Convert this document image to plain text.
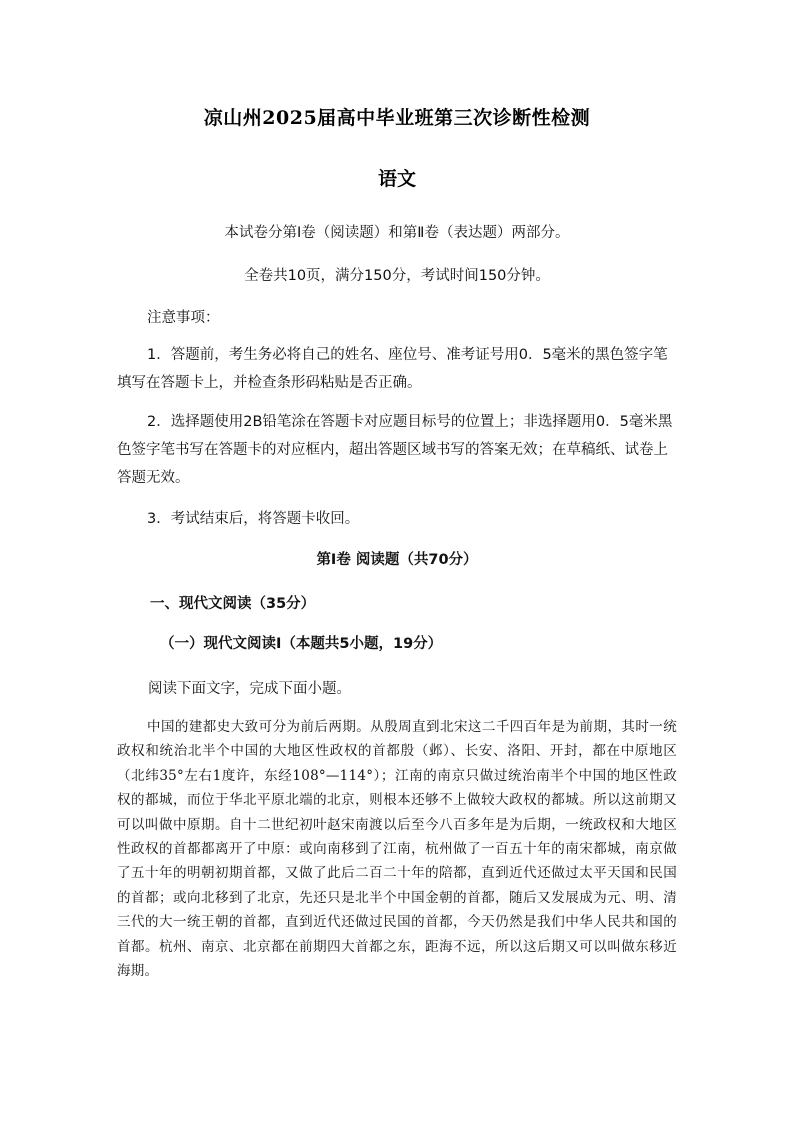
凉山州2025届高中毕业班第三次诊断性检测
语文
本试卷分第Ⅰ卷（阅读题）和第Ⅱ卷（表达题）两部分。
全卷共10页，满分150分，考试时间150分钟。
注意事项：
1．答题前，考生务必将自己的姓名、座位号、准考证号用0．5毫米的黑色签字笔填写在答题卡上，并检查条形码粘贴是否正确。
2．选择题使用2B铅笔涂在答题卡对应题目标号的位置上；非选择题用0．5毫米黑色签字笔书写在答题卡的对应框内，超出答题区域书写的答案无效；在草稿纸、试卷上答题无效。
3．考试结束后，将答题卡收回。
第Ⅰ卷 阅读题（共70分）
一、现代文阅读（35分）
（一）现代文阅读Ⅰ（本题共5小题，19分）
阅读下面文字，完成下面小题。
中国的建都史大致可分为前后两期。从殷周直到北宋这二千四百年是为前期，其时一统政权和统治北半个中国的大地区性政权的首都殷（邺）、长安、洛阳、开封，都在中原地区（北纬35°左右1度许，东经108°—114°）；江南的南京只做过统治南半个中国的地区性政权的都城，而位于华北平原北端的北京，则根本还够不上做较大政权的都城。所以这前期又可以叫做中原期。自十二世纪初叶赵宋南渡以后至今八百多年是为后期，一统政权和大地区性政权的首都都离开了中原：或向南移到了江南，杭州做了一百五十年的南宋都城，南京做了五十年的明朝初期首都，又做了此后二百二十年的陪都，直到近代还做过太平天国和民国的首都；或向北移到了北京，先还只是北半个中国金朝的首都，随后又发展成为元、明、清三代的大一统王朝的首都，直到近代还做过民国的首都，今天仍然是我们中华人民共和国的首都。杭州、南京、北京都在前期四大首都之东，距海不远，所以这后期又可以叫做东移近海期。
